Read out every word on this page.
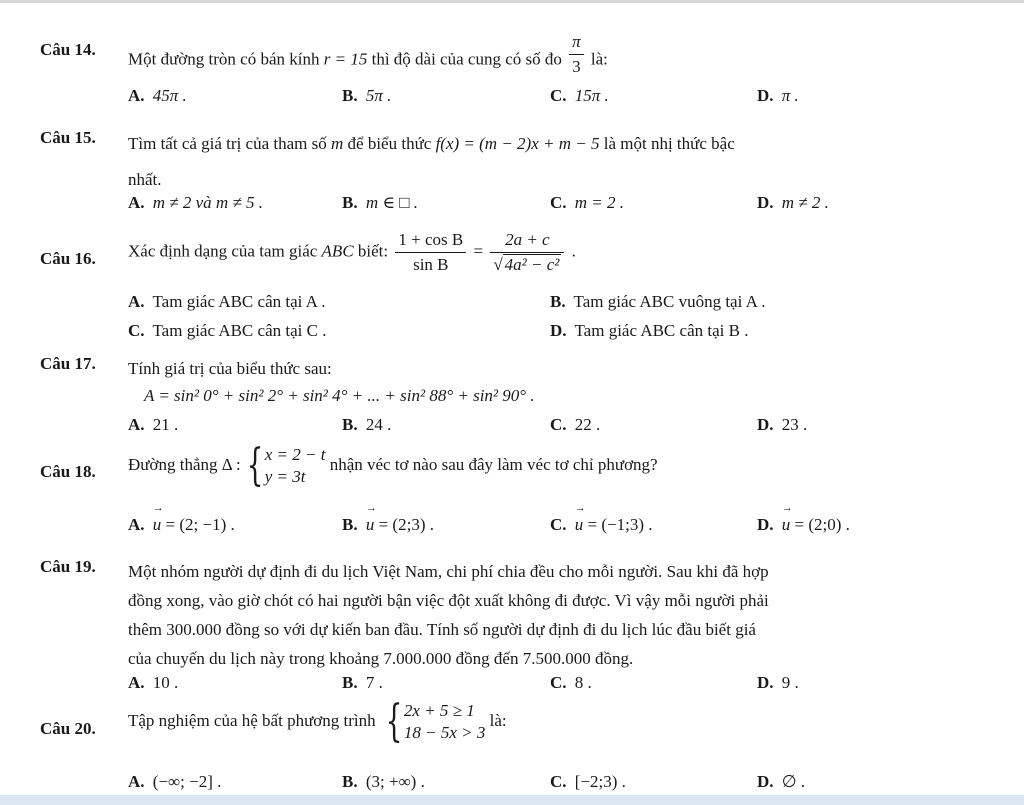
Câu 14. Một đường tròn có bán kính r = 15 thì độ dài của cung có số đo $\frac{\pi}{3}$ là:
A. 45π .	B. 5π .	C. 15π .	D. π .
Câu 15. Tìm tất cả giá trị của tham số m để biểu thức f(x) = (m − 2)x + m − 5 là một nhị thức bậc
nhất.
A. m ≠ 2 và m ≠ 5 .	B. m ∈ □ .	C. m = 2 .	D. m ≠ 2 .
Câu 16. Xác định dạng của tam giác ABC biết: $\frac{\text{1 + cos B}}{\text{sin B}} = \frac{2a + c}{\text{√ 4a² − c²}}$ .
A. Tam giác ABC cân tại A .	B. Tam giác ABC vuông tại A .
C. Tam giác ABC cân tại C .	D. Tam giác ABC cân tại B .
Câu 17. Tính giá trị của biểu thức sau:
A = sin² 0° + sin² 2° + sin² 4° + ... + sin² 88° + sin² 90° .
A. 21 .	B. 24 .	C. 22 .	D. 23 .
Câu 18. Đường thẳng Δ : { x = 2 − t
y = 3t
nhận véc tơ nào sau đây làm véc tơ chỉ phương?
A. → u = (2; −1) .	B. → u = (2;3) .	C. → u = (−1;3) .	D. → u = (2;0) .
Câu 19. Một nhóm người dự định đi du lịch Việt Nam, chi phí chia đều cho mỗi người. Sau khi đã hợp
đồng xong, vào giờ chót có hai người bận việc đột xuất không đi được. Vì vậy mỗi người phải
thêm 300.000 đồng so với dự kiến ban đầu. Tính số người dự định đi du lịch lúc đầu biết giá
của chuyến du lịch này trong khoảng 7.000.000 đồng đến 7.500.000 đồng.
A. 10 .	B. 7 .	C. 8 .	D. 9 .
Câu 20. Tập nghiệm của hệ bất phương trình { 2x + 5 ≥ 1
18 − 5x > 3
là:
A. (−∞; −2] .	B. (3; +∞) .	C. [−2;3) .	D. ∅ .
